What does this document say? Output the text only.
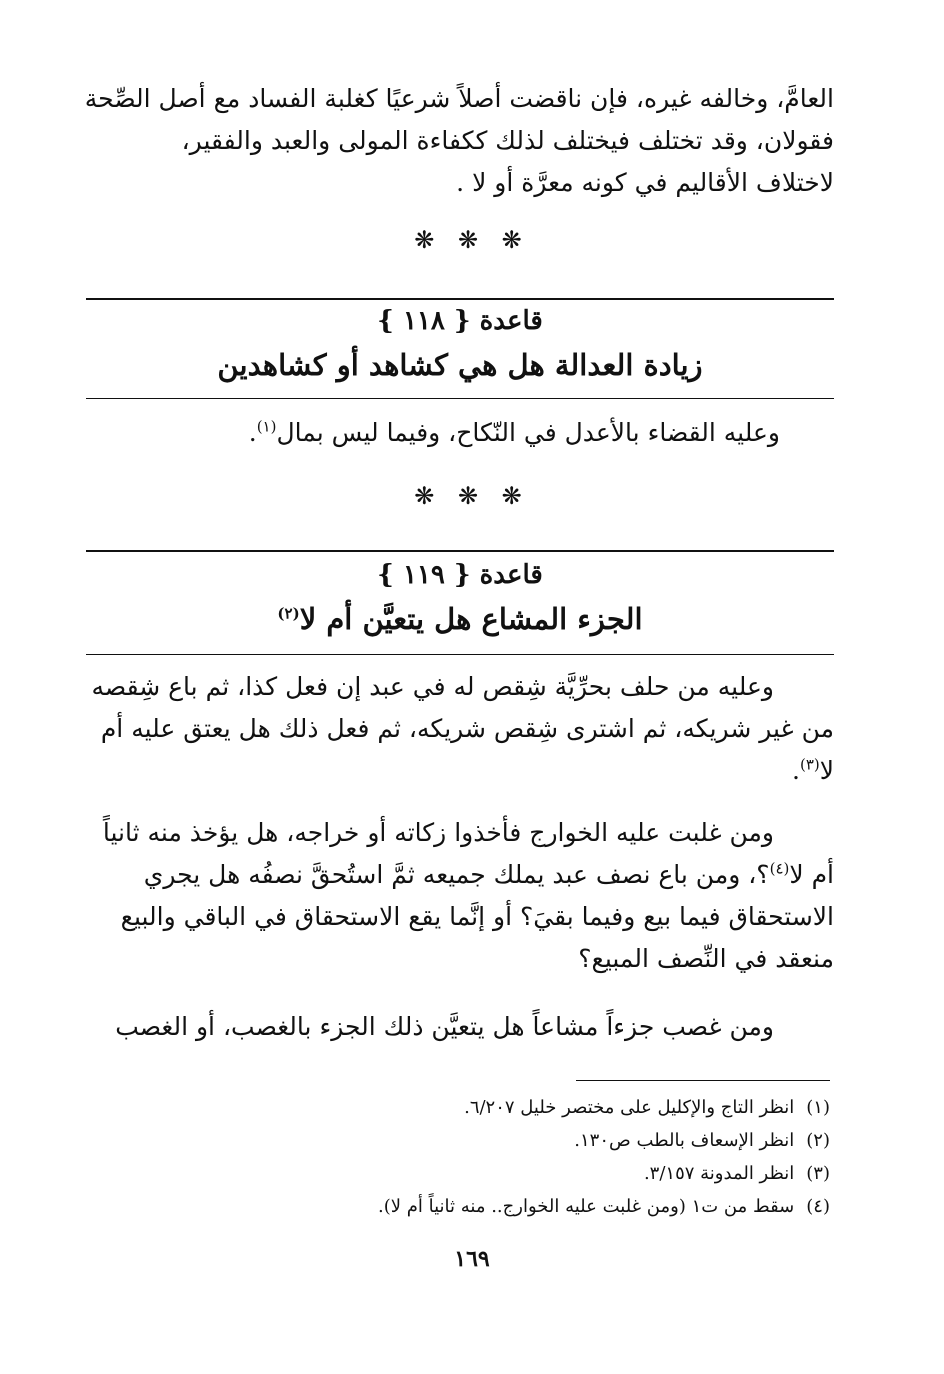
العامَّ، وخالفه غيره، فإن ناقضت أصلاً شرعيًا كغلبة الفساد مع أصل الصِّحة
فقولان، وقد تختلف فيختلف لذلك ككفاءة المولى والعبد والفقير،
لاختلاف الأقاليم في كونه معرَّة أو لا .
❋ ❋ ❋
قاعدة { ١١٨ }
زيادة العدالة هل هي كشاهد أو كشاهدين
وعليه القضاء بالأعدل في النّكاح، وفيما ليس بمال$^{(١)}$.
❋ ❋ ❋
قاعدة { ١١٩ }
الجزء المشاع هل يتعيَّن أم لا$^{(٢)}$
وعليه من حلف بحرِّيَّة شِقص له في عبد إن فعل كذا، ثم باع شِقصه
من غير شريكه، ثم اشترى شِقص شريكه، ثم فعل ذلك هل يعتق عليه أم
لا$^{(٣)}$.
ومن غلبت عليه الخوارج فأخذوا زكاته أو خراجه، هل يؤخذ منه ثانياً
أم لا$^{(٤)}$؟، ومن باع نصف عبد يملك جميعه ثمَّ استُحقَّ نصفُه هل يجري
الاستحقاق فيما بيع وفيما بقيَ؟ أو إنَّما يقع الاستحقاق في الباقي والبيع
منعقد في النِّصف المبيع؟
ومن غصب جزءاً مشاعاً هل يتعيَّن ذلك الجزء بالغصب، أو الغصب
(١)انظر التاج والإكليل على مختصر خليل ٦/٢٠٧.
(٢)انظر الإسعاف بالطب ص١٣٠.
(٣)انظر المدونة ٣/١٥٧.
(٤)سقط من ت١ (ومن غلبت عليه الخوارج.. منه ثانياً أم لا).
١٦٩
